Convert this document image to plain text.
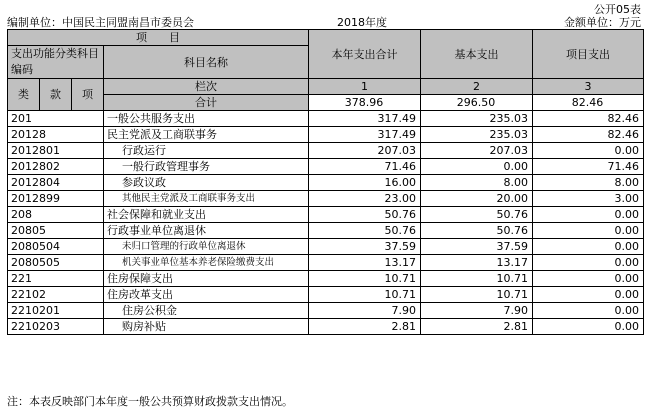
公开05表
编制单位：中国民主同盟南昌市委员会	2018年度	金额单位：万元
项　　目				本年支出合计	基本支出	项目支出
支出功能分类科目编码			科目名称			

类	款	项	栏次	1	2	3
			合计	378.96	296.50	82.46
201			一般公共服务支出	317.49	235.03	82.46
20128			民主党派及工商联事务	317.49	235.03	82.46
2012801			行政运行	207.03	207.03	0.00
2012802			一般行政管理事务	71.46	0.00	71.46
2012804			参政议政	16.00	8.00	8.00
2012899			其他民主党派及工商联事务支出	23.00	20.00	3.00
208			社会保障和就业支出	50.76	50.76	0.00
20805			行政事业单位离退休	50.76	50.76	0.00
2080504			未归口管理的行政单位离退休	37.59	37.59	0.00
2080505			机关事业单位基本养老保险缴费支出	13.17	13.17	0.00
221			住房保障支出	10.71	10.71	0.00
22102			住房改革支出	10.71	10.71	0.00
2210201			住房公积金	7.90	7.90	0.00
2210203			购房补贴	2.81	2.81	0.00
注：本表反映部门本年度一般公共预算财政拨款支出情况。
